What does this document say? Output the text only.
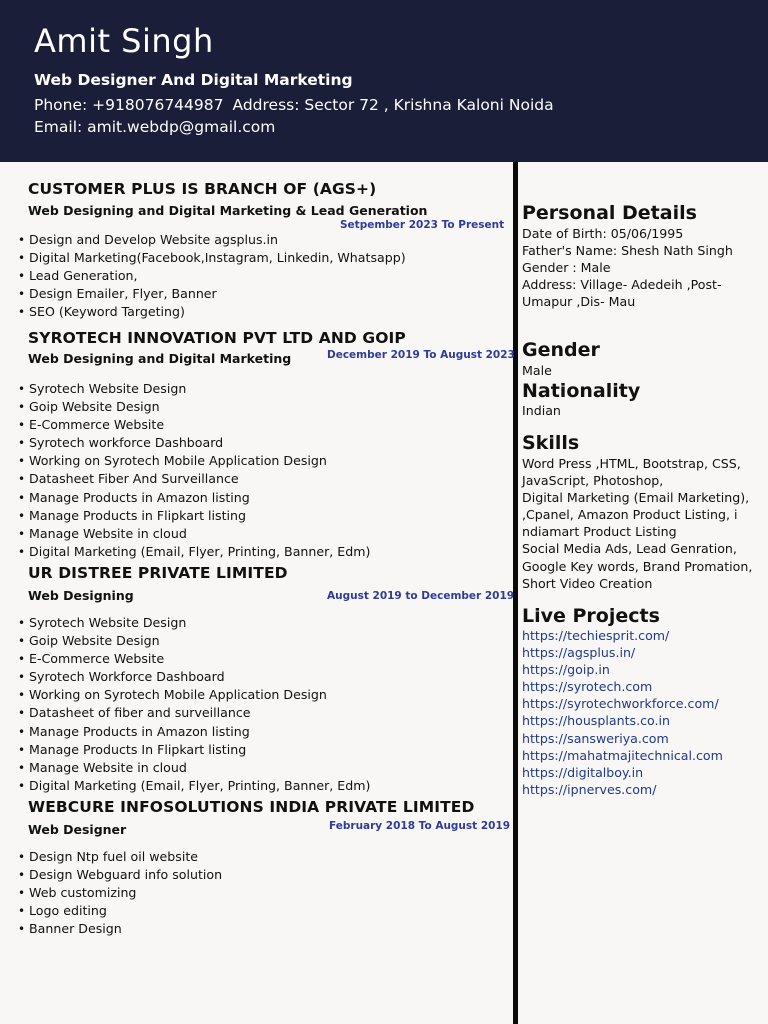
Amit Singh
Web Designer And Digital Marketing
Phone: +918076744987 Address: Sector 72 , Krishna Kaloni Noida
Email: amit.webdp@gmail.com
CUSTOMER PLUS IS BRANCH OF (AGS+)
Web Designing and Digital Marketing & Lead Generation
Setpember 2023 To Present
• Design and Develop Website agsplus.in
• Digital Marketing(Facebook,Instagram, Linkedin, Whatsapp)
• Lead Generation,
• Design Emailer, Flyer, Banner
• SEO (Keyword Targeting)
SYROTECH INNOVATION PVT LTD AND GOIP
Web Designing and Digital Marketing	December 2019 To August 2023
• Syrotech Website Design
• Goip Website Design
• E-Commerce Website
• Syrotech workforce Dashboard
• Working on Syrotech Mobile Application Design
• Datasheet Fiber And Surveillance
• Manage Products in Amazon listing
• Manage Products in Flipkart listing
• Manage Website in cloud
• Digital Marketing (Email, Flyer, Printing, Banner, Edm)
UR DISTREE PRIVATE LIMITED
Web Designing	August 2019 to December 2019
• Syrotech Website Design
• Goip Website Design
• E-Commerce Website
• Syrotech Workforce Dashboard
• Working on Syrotech Mobile Application Design
• Datasheet of fiber and surveillance
• Manage Products in Amazon listing
• Manage Products In Flipkart listing
• Manage Website in cloud
• Digital Marketing (Email, Flyer, Printing, Banner, Edm)
WEBCURE INFOSOLUTIONS INDIA PRIVATE LIMITED
Web Designer	February 2018 To August 2019
• Design Ntp fuel oil website
• Design Webguard info solution
• Web customizing
• Logo editing
• Banner Design
Personal Details
Date of Birth: 05/06/1995
Father's Name: Shesh Nath Singh
Gender : Male
Address: Village- Adedeih ,Post-
Umapur ,Dis- Mau
Gender
Male
Nationality
Indian
Skills
Word Press ,HTML, Bootstrap, CSS,
JavaScript, Photoshop,
Digital Marketing (Email Marketing),
,Cpanel, Amazon Product Listing, i
ndiamart Product Listing
Social Media Ads, Lead Genration,
Google Key words, Brand Promation,
Short Video Creation
Live Projects
https://techiesprit.com/
https://agsplus.in/
https://goip.in
https://syrotech.com
https://syrotechworkforce.com/
https://housplants.co.in
https://sansweriya.com
https://mahatmajitechnical.com
https://digitalboy.in
https://ipnerves.com/
